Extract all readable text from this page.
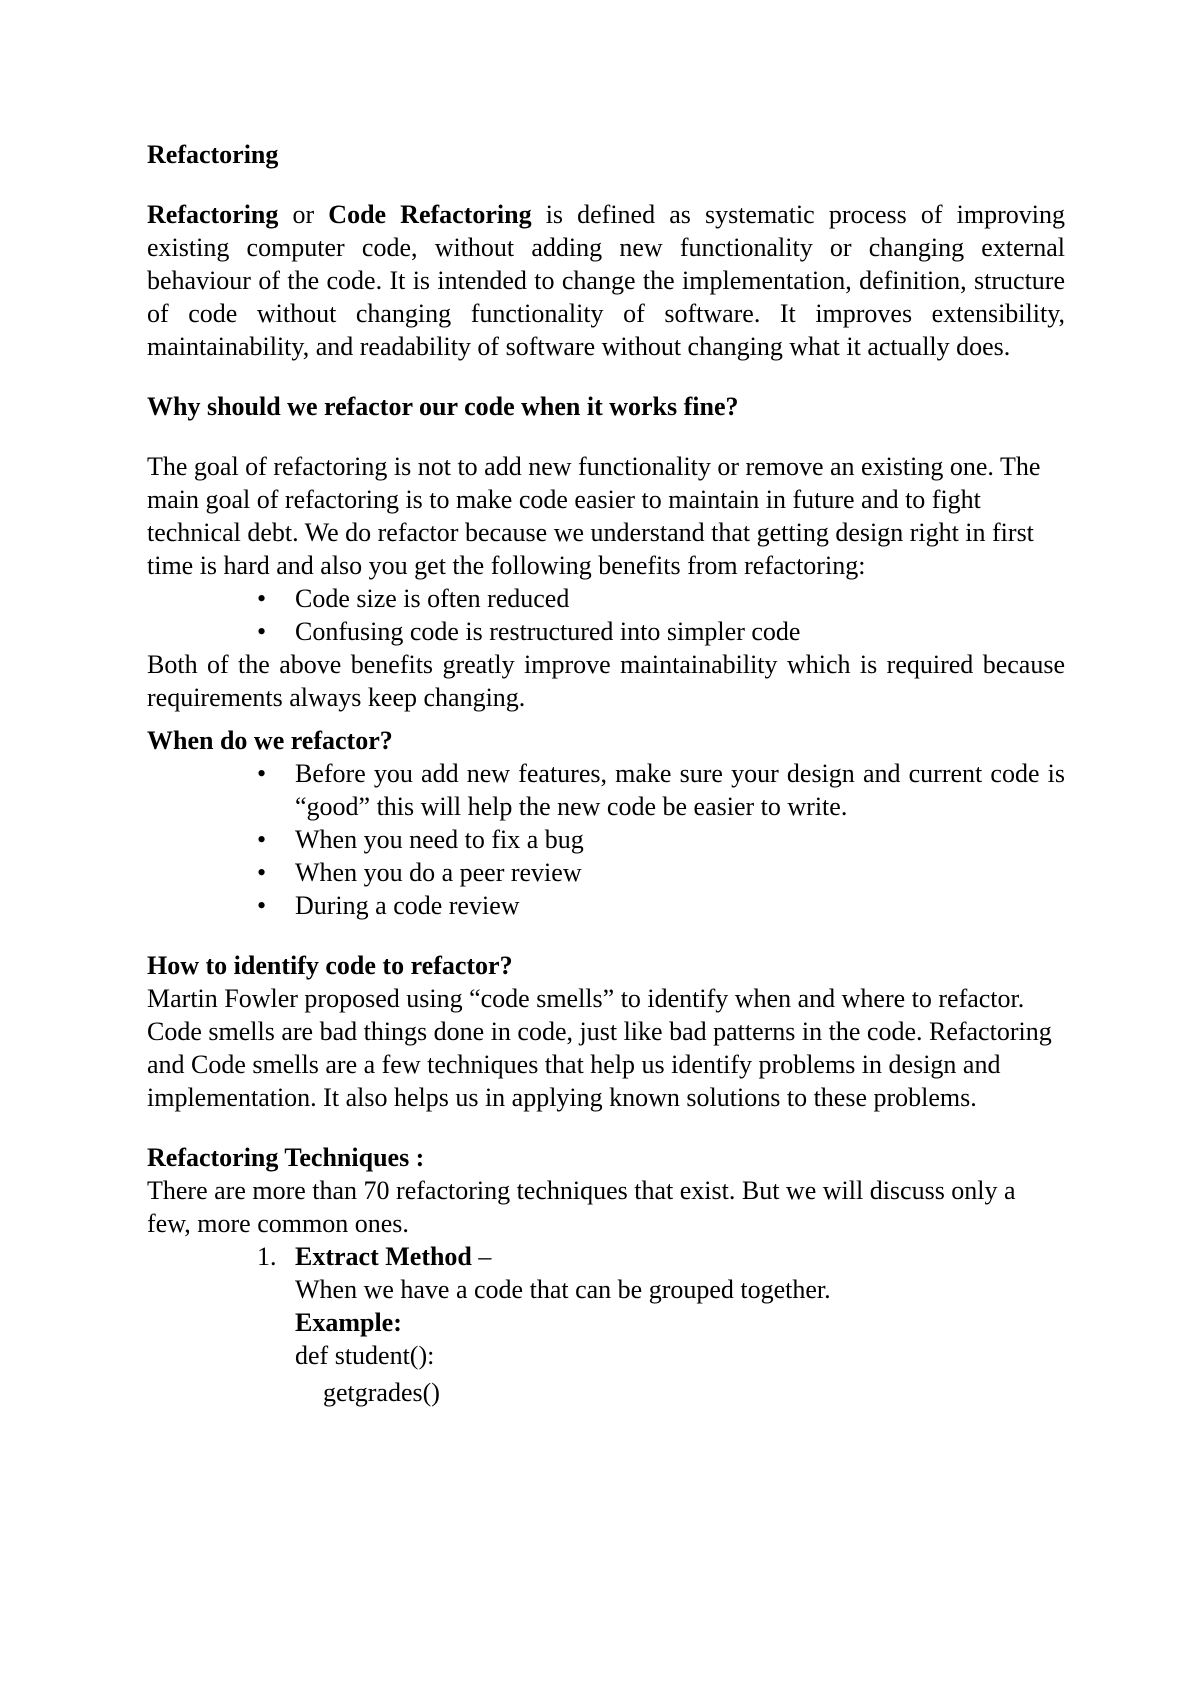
Refactoring

Refactoring or Code Refactoring is defined as systematic process of improving existing computer code, without adding new functionality or changing external behaviour of the code. It is intended to change the implementation, definition, structure of code without changing functionality of software. It improves extensibility, maintainability, and readability of software without changing what it actually does.

Why should we refactor our code when it works fine?

The goal of refactoring is not to add new functionality or remove an existing one. The main goal of refactoring is to make code easier to maintain in future and to fight technical debt. We do refactor because we understand that getting design right in first time is hard and also you get the following benefits from refactoring:

• Code size is often reduced
• Confusing code is restructured into simpler code

Both of the above benefits greatly improve maintainability which is required because requirements always keep changing.

When do we refactor?

• Before you add new features, make sure your design and current code is “good” this will help the new code be easier to write.
• When you need to fix a bug
• When you do a peer review
• During a code review

How to identify code to refactor?

Martin Fowler proposed using “code smells” to identify when and where to refactor. Code smells are bad things done in code, just like bad patterns in the code. Refactoring and Code smells are a few techniques that help us identify problems in design and implementation. It also helps us in applying known solutions to these problems.

Refactoring Techniques :

There are more than 70 refactoring techniques that exist. But we will discuss only a few, more common ones.

1. Extract Method –
When we have a code that can be grouped together.
Example:
def student():
getgrades()
